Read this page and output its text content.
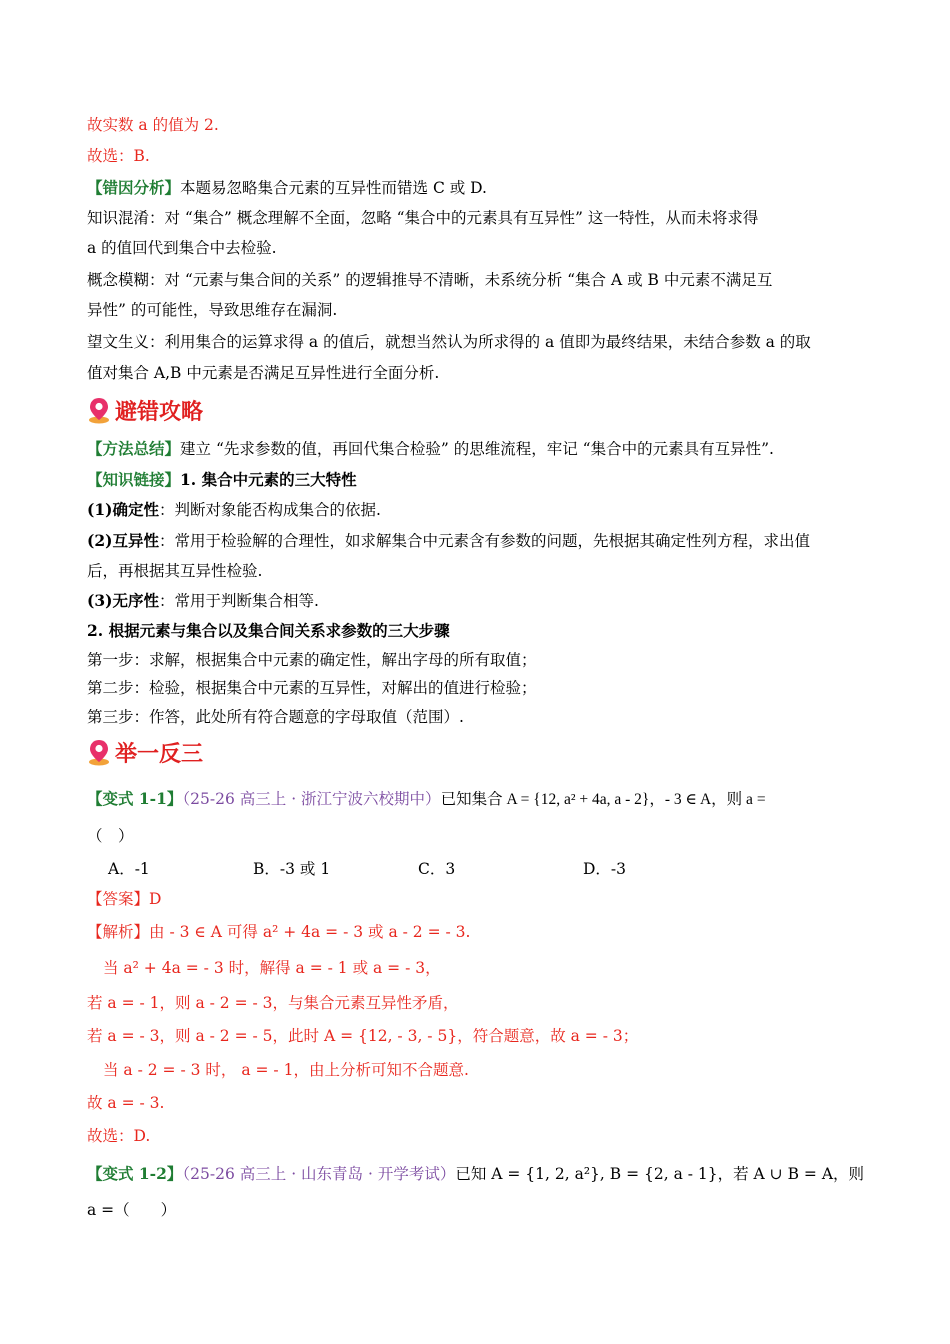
故实数 a 的值为 2.
故选：B.
【错因分析】本题易忽略集合元素的互异性而错选 C 或 D.
知识混淆：对 “集合” 概念理解不全面，忽略 “集合中的元素具有互异性” 这一特性，从而未将求得
a 的值回代到集合中去检验.
概念模糊：对 “元素与集合间的关系” 的逻辑推导不清晰，未系统分析 “集合 A 或 B 中元素不满足互
异性” 的可能性，导致思维存在漏洞.
望文生义：利用集合的运算求得 a 的值后，就想当然认为所求得的 a 值即为最终结果，未结合参数 a 的取
值对集合 A,B 中元素是否满足互异性进行全面分析.
避错攻略
【方法总结】建立 “先求参数的值，再回代集合检验” 的思维流程，牢记 “集合中的元素具有互异性”.
【知识链接】1. 集合中元素的三大特性
(1)确定性：判断对象能否构成集合的依据.
(2)互异性：常用于检验解的合理性，如求解集合中元素含有参数的问题，先根据其确定性列方程，求出值
后，再根据其互异性检验.
(3)无序性：常用于判断集合相等.
2. 根据元素与集合以及集合间关系求参数的三大步骤
第一步：求解，根据集合中元素的确定性，解出字母的所有取值；
第二步：检验，根据集合中元素的互异性，对解出的值进行检验；
第三步：作答，此处所有符合题意的字母取值（范围）.
举一反三
【变式 1-1】（25-26 高三上 · 浙江宁波六校期中）已知集合 A = {12, a² + 4a, a - 2}，- 3 ∈ A，则 a =
（　）
A．-1	B．-3 或 1	C．3	D．-3
【答案】D
【解析】由 - 3 ∈ A 可得 a² + 4a = - 3 或 a - 2 = - 3.
当 a² + 4a = - 3 时，解得 a = - 1 或 a = - 3，
若 a = - 1，则 a - 2 = - 3，与集合元素互异性矛盾，
若 a = - 3，则 a - 2 = - 5，此时 A = {12, - 3, - 5}，符合题意，故 a = - 3；
当 a - 2 = - 3 时， a = - 1，由上分析可知不合题意.
故 a = - 3.
故选：D.
【变式 1-2】（25-26 高三上 · 山东青岛 · 开学考试）已知 A = {1, 2, a²}, B = {2, a - 1}，若 A ∪ B = A，则
a =（　　）
